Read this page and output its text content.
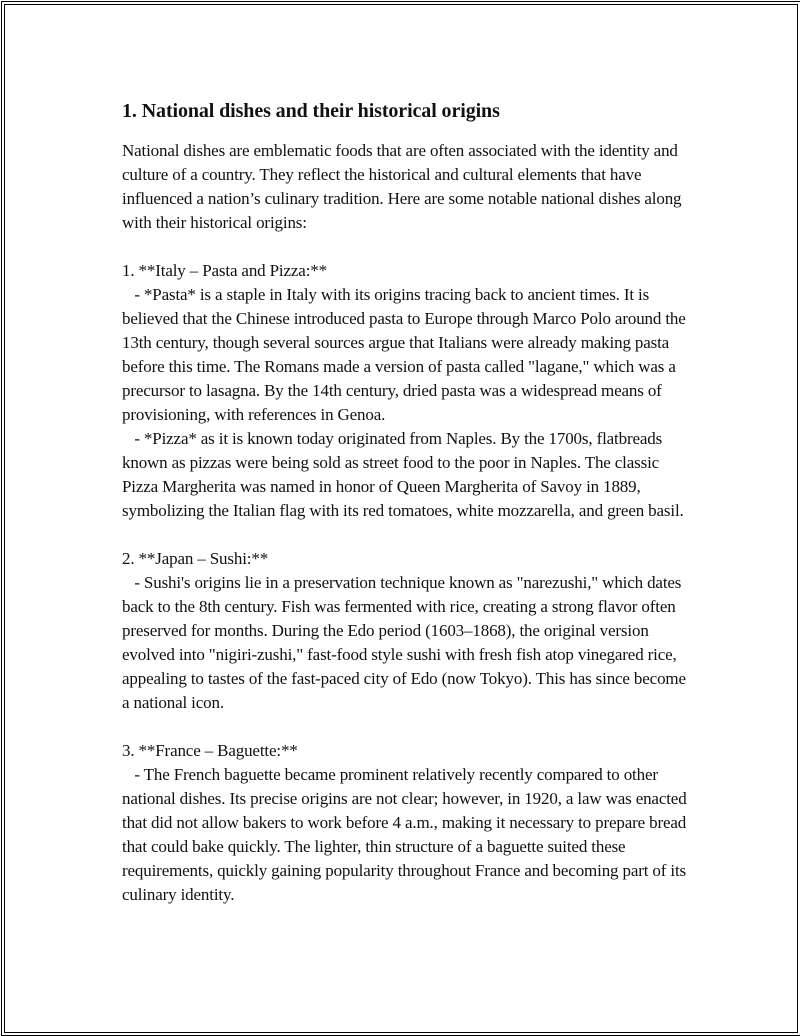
1. National dishes and their historical origins

National dishes are emblematic foods that are often associated with the identity and culture of a country. They reflect the historical and cultural elements that have influenced a nation’s culinary tradition. Here are some notable national dishes along with their historical origins:

1. **Italy – Pasta and Pizza:**

- *Pasta* is a staple in Italy with its origins tracing back to ancient times. It is believed that the Chinese introduced pasta to Europe through Marco Polo around the 13th century, though several sources argue that Italians were already making pasta before this time. The Romans made a version of pasta called "lagane," which was a precursor to lasagna. By the 14th century, dried pasta was a widespread means of provisioning, with references in Genoa.

- *Pizza* as it is known today originated from Naples. By the 1700s, flatbreads known as pizzas were being sold as street food to the poor in Naples. The classic Pizza Margherita was named in honor of Queen Margherita of Savoy in 1889, symbolizing the Italian flag with its red tomatoes, white mozzarella, and green basil.

2. **Japan – Sushi:**

- Sushi's origins lie in a preservation technique known as "narezushi," which dates back to the 8th century. Fish was fermented with rice, creating a strong flavor often preserved for months. During the Edo period (1603–1868), the original version evolved into "nigiri-zushi," fast-food style sushi with fresh fish atop vinegared rice, appealing to tastes of the fast-paced city of Edo (now Tokyo). This has since become a national icon.

3. **France – Baguette:**

- The French baguette became prominent relatively recently compared to other national dishes. Its precise origins are not clear; however, in 1920, a law was enacted that did not allow bakers to work before 4 a.m., making it necessary to prepare bread that could bake quickly. The lighter, thin structure of a baguette suited these requirements, quickly gaining popularity throughout France and becoming part of its culinary identity.
